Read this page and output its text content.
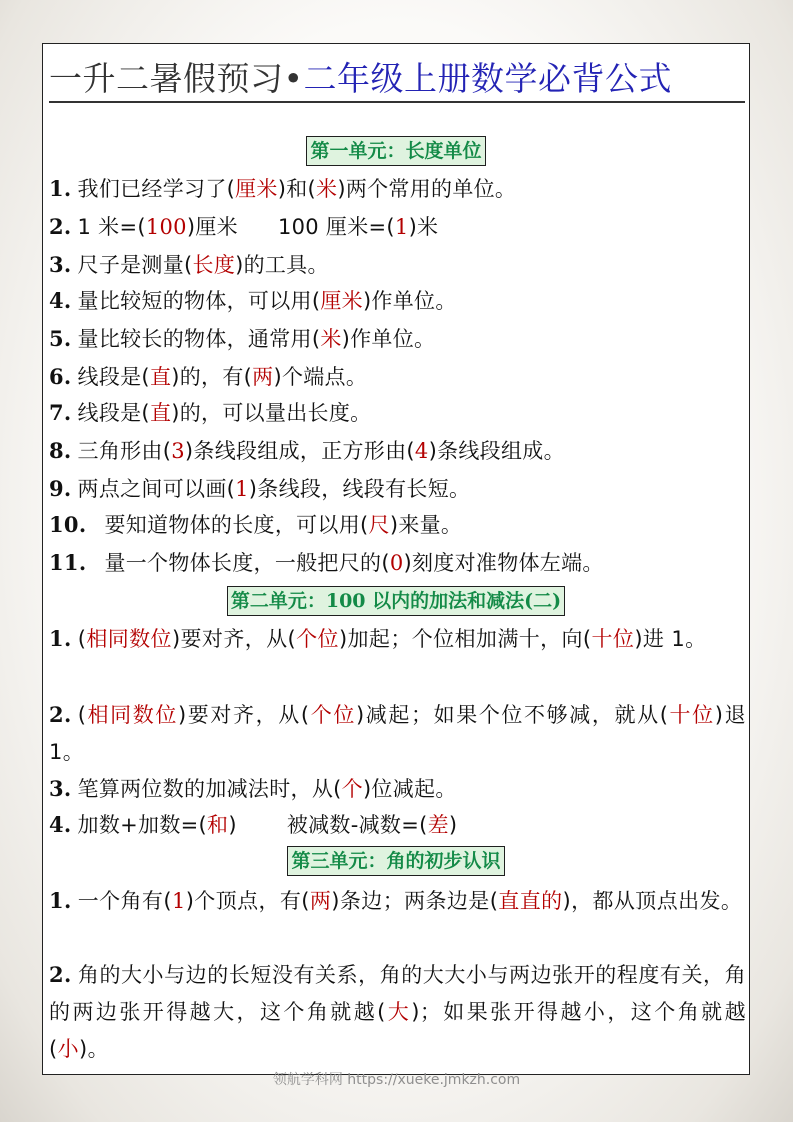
一升二暑假预习•二年级上册数学必背公式
第一单元：长度单位
1. 我们已经学习了(厘米)和(米)两个常用的单位。
2. 1 米=(100)厘米 100 厘米=(1)米
3. 尺子是测量(长度)的工具。
4. 量比较短的物体，可以用(厘米)作单位。
5. 量比较长的物体，通常用(米)作单位。
6. 线段是(直)的，有(两)个端点。
7. 线段是(直)的，可以量出长度。
8. 三角形由(3)条线段组成，正方形由(4)条线段组成。
9. 两点之间可以画(1)条线段，线段有长短。
10. 要知道物体的长度，可以用(尺)来量。
11. 量一个物体长度，一般把尺的(0)刻度对准物体左端。
第二单元：100 以内的加法和减法(二)
1. (相同数位)要对齐，从(个位)加起；个位相加满十，向(十位)进 1。
2. (相同数位)要对齐，从(个位)减起；如果个位不够减，就从(十位)退 1。
3. 笔算两位数的加减法时，从(个)位减起。
4. 加数+加数=(和) 被减数-减数=(差)
第三单元：角的初步认识
1. 一个角有(1)个顶点，有(两)条边；两条边是(直直的)，都从顶点出发。
2. 角的大小与边的长短没有关系，角的大大小与两边张开的程度有关，角的两边张开得越大，这个角就越(大)；如果张开得越小，这个角就越(小)。
领航学科网 https://xueke.jmkzh.com
